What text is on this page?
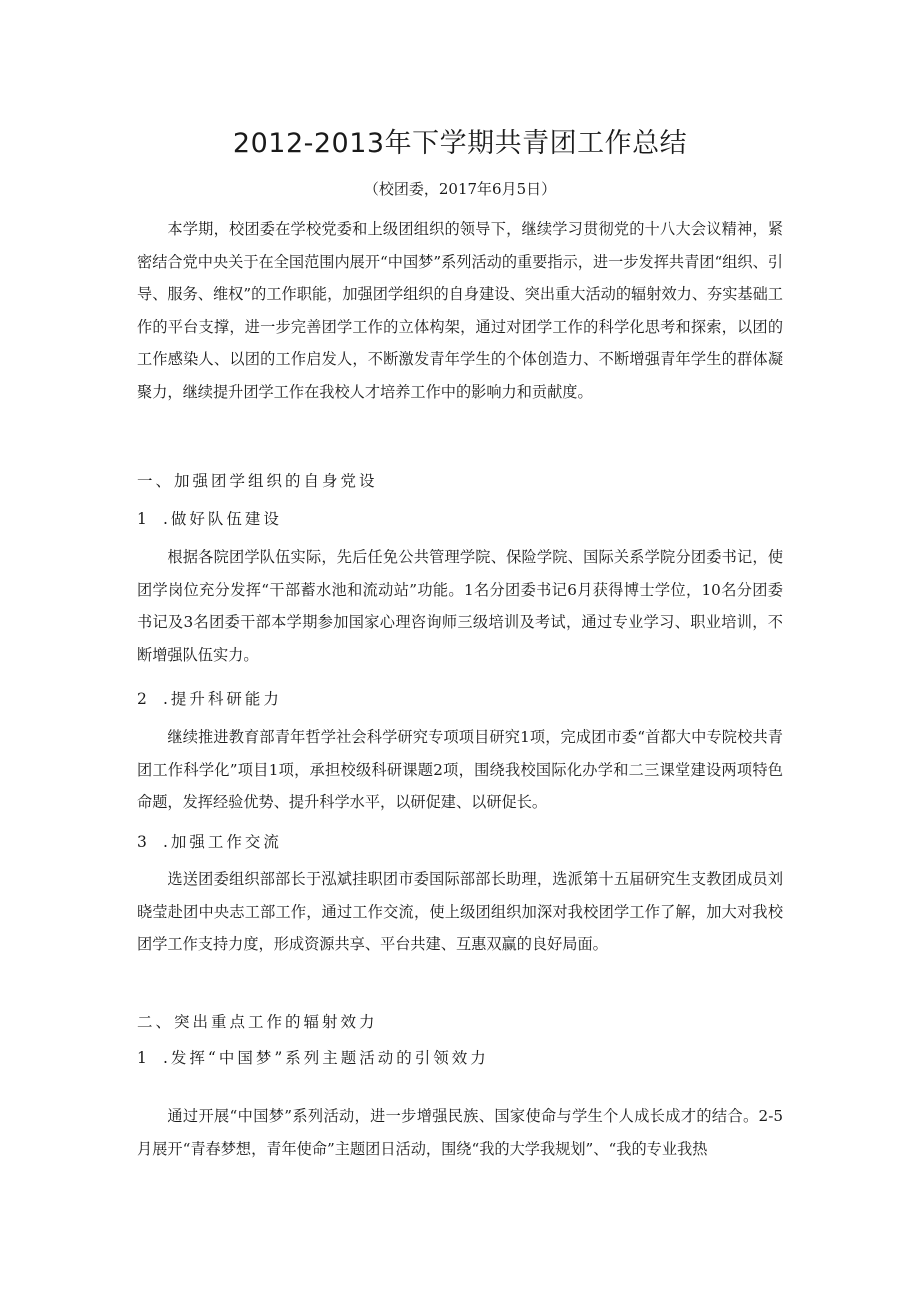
2012-2013年下学期共青团工作总结
（校团委，2017年6月5日）

本学期，校团委在学校党委和上级团组织的领导下，继续学习贯彻党的十八大会议精神，紧密结合党中央关于在全国范围内展开“中国梦”系列活动的重要指示，进一步发挥共青团“组织、引导、服务、维权”的工作职能，加强团学组织的自身建设、突出重大活动的辐射效力、夯实基础工作的平台支撑，进一步完善团学工作的立体构架，通过对团学工作的科学化思考和探索，以团的工作感染人、以团的工作启发人，不断激发青年学生的个体创造力、不断增强青年学生的群体凝聚力，继续提升团学工作在我校人才培养工作中的影响力和贡献度。

一、加强团学组织的自身党设
1 .做好队伍建设

根据各院团学队伍实际，先后任免公共管理学院、保险学院、国际关系学院分团委书记，使团学岗位充分发挥“干部蓄水池和流动站”功能。1名分团委书记6月获得博士学位，10名分团委书记及3名团委干部本学期参加国家心理咨询师三级培训及考试，通过专业学习、职业培训，不断增强队伍实力。

2 .提升科研能力

继续推进教育部青年哲学社会科学研究专项项目研究1项，完成团市委“首都大中专院校共青团工作科学化”项目1项，承担校级科研课题2项，围绕我校国际化办学和二三课堂建设两项特色命题，发挥经验优势、提升科学水平，以研促建、以研促长。

3 .加强工作交流

选送团委组织部部长于泓斌挂职团市委国际部部长助理，选派第十五届研究生支教团成员刘晓莹赴团中央志工部工作，通过工作交流，使上级团组织加深对我校团学工作了解，加大对我校团学工作支持力度，形成资源共享、平台共建、互惠双赢的良好局面。

二、突出重点工作的辐射效力
1 .发挥“中国梦”系列主题活动的引领效力

通过开展“中国梦”系列活动，进一步增强民族、国家使命与学生个人成长成才的结合。2-5月展开“青春梦想，青年使命”主题团日活动，围绕“我的大学我规划”、“我的专业我热
